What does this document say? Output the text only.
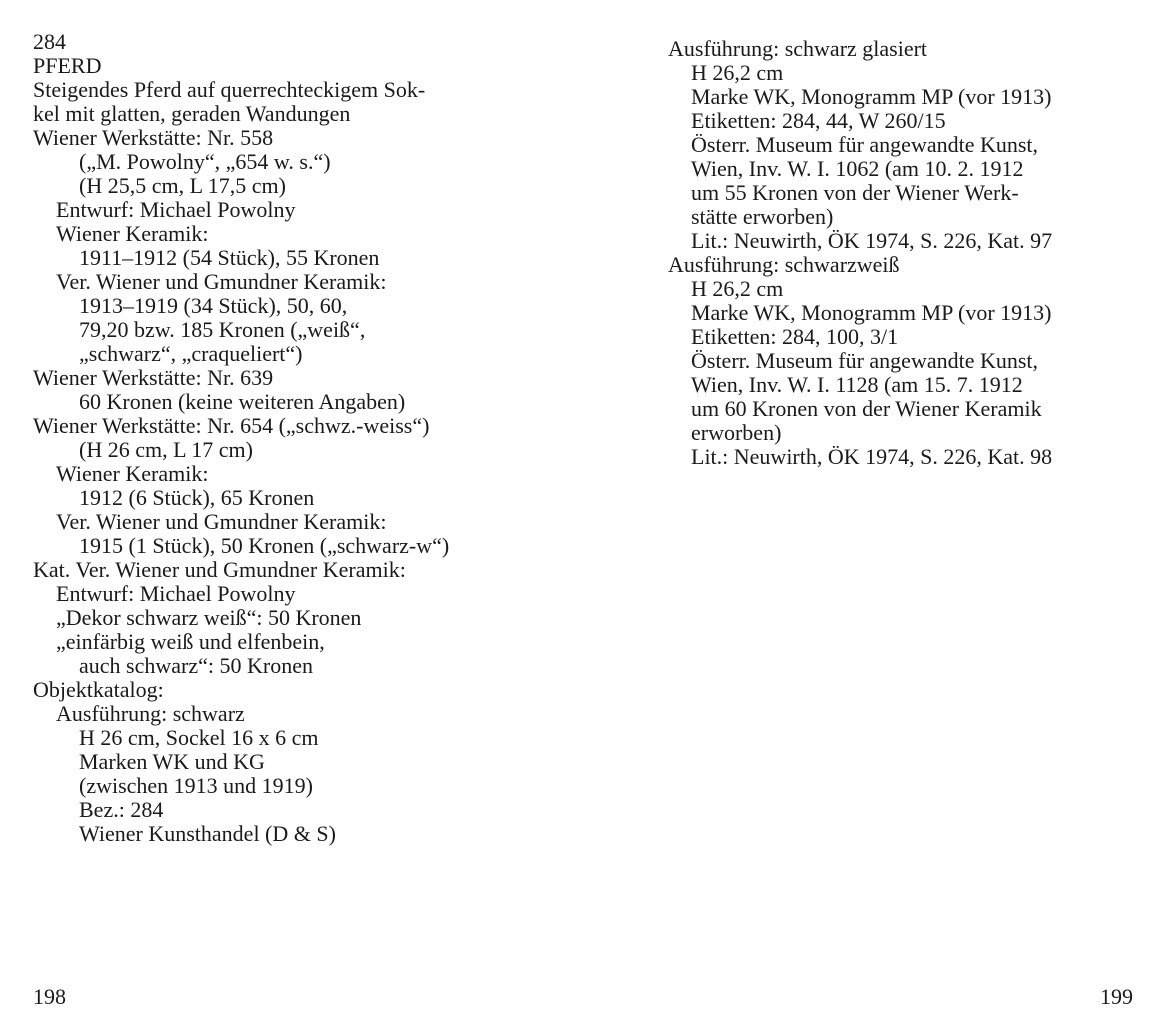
284
PFERD
Steigendes Pferd auf querrechteckigem Sok-
kel mit glatten, geraden Wandungen
Wiener Werkstätte: Nr. 558
(„M. Powolny“, „654 w. s.“)
(H 25,5 cm, L 17,5 cm)
Entwurf: Michael Powolny
Wiener Keramik:
1911–1912 (54 Stück), 55 Kronen
Ver. Wiener und Gmundner Keramik:
1913–1919 (34 Stück), 50, 60,
79,20 bzw. 185 Kronen („weiß“,
„schwarz“, „craqueliert“)
Wiener Werkstätte: Nr. 639
60 Kronen (keine weiteren Angaben)
Wiener Werkstätte: Nr. 654 („schwz.-weiss“)
(H 26 cm, L 17 cm)
Wiener Keramik:
1912 (6 Stück), 65 Kronen
Ver. Wiener und Gmundner Keramik:
1915 (1 Stück), 50 Kronen („schwarz-w“)
Kat. Ver. Wiener und Gmundner Keramik:
Entwurf: Michael Powolny
„Dekor schwarz weiß“: 50 Kronen
„einfärbig weiß und elfenbein,
auch schwarz“: 50 Kronen
Objektkatalog:
Ausführung: schwarz
H 26 cm, Sockel 16 x 6 cm
Marken WK und KG
(zwischen 1913 und 1919)
Bez.: 284
Wiener Kunsthandel (D & S)
Ausführung: schwarz glasiert
H 26,2 cm
Marke WK, Monogramm MP (vor 1913)
Etiketten: 284, 44, W 260/15
Österr. Museum für angewandte Kunst,
Wien, Inv. W. I. 1062 (am 10. 2. 1912
um 55 Kronen von der Wiener Werk-
stätte erworben)
Lit.: Neuwirth, ÖK 1974, S. 226, Kat. 97
Ausführung: schwarzweiß
H 26,2 cm
Marke WK, Monogramm MP (vor 1913)
Etiketten: 284, 100, 3/1
Österr. Museum für angewandte Kunst,
Wien, Inv. W. I. 1128 (am 15. 7. 1912
um 60 Kronen von der Wiener Keramik
erworben)
Lit.: Neuwirth, ÖK 1974, S. 226, Kat. 98
198	199
